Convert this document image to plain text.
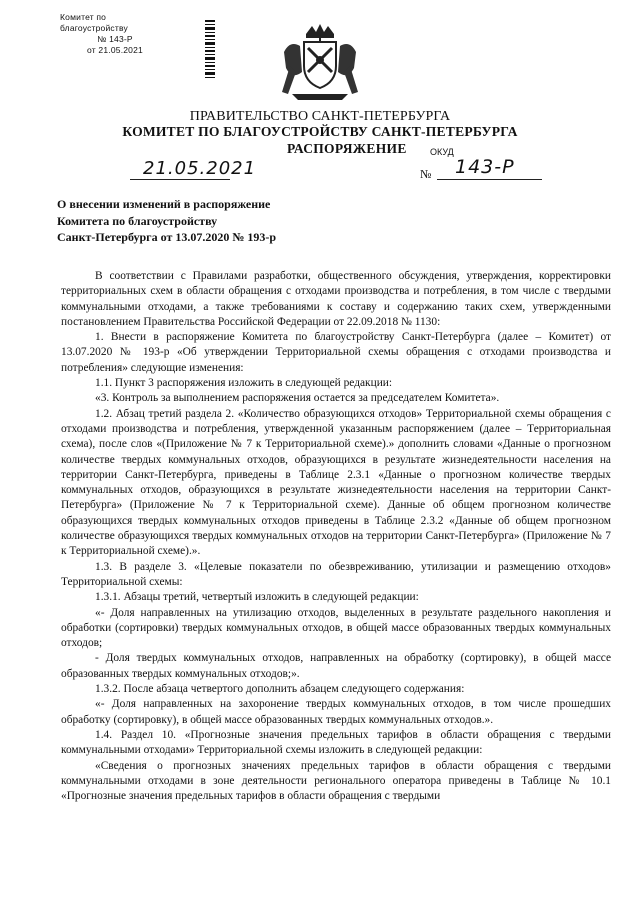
Комитет по благоустройству
№ 143-Р
от 21.05.2021
ПРАВИТЕЛЬСТВО САНКТ-ПЕТЕРБУРГА
КОМИТЕТ ПО БЛАГОУСТРОЙСТВУ САНКТ-ПЕТЕРБУРГА
РАСПОРЯЖЕНИЕ	ОКУД
21.05.2021	№ 143-Р
О внесении изменений в распоряжение
Комитета по благоустройству
Санкт-Петербурга от 13.07.2020 № 193-р

В соответствии с Правилами разработки, общественного обсуждения, утверждения, корректировки территориальных схем в области обращения с отходами производства и потребления, в том числе с твердыми коммунальными отходами, а также требованиями к составу и содержанию таких схем, утвержденными постановлением Правительства Российской Федерации от 22.09.2018 № 1130:

1. Внести в распоряжение Комитета по благоустройству Санкт-Петербурга (далее – Комитет) от 13.07.2020 № 193-р «Об утверждении Территориальной схемы обращения с отходами производства и потребления» следующие изменения:

1.1. Пункт 3 распоряжения изложить в следующей редакции:

«3. Контроль за выполнением распоряжения остается за председателем Комитета».

1.2. Абзац третий раздела 2. «Количество образующихся отходов» Территориальной схемы обращения с отходами производства и потребления, утвержденной указанным распоряжением (далее – Территориальная схема), после слов «(Приложение № 7 к Территориальной схеме).» дополнить словами «Данные о прогнозном количестве твердых коммунальных отходов, образующихся в результате жизнедеятельности населения на территории Санкт-Петербурга, приведены в Таблице 2.3.1 «Данные о прогнозном количестве твердых коммунальных отходов, образующихся в результате жизнедеятельности населения на территории Санкт-Петербурга» (Приложение № 7 к Территориальной схеме). Данные об общем прогнозном количестве образующихся твердых коммунальных отходов приведены в Таблице 2.3.2 «Данные об общем прогнозном количестве образующихся твердых коммунальных отходов на территории Санкт-Петербурга» (Приложение № 7 к Территориальной схеме).».

1.3. В разделе 3. «Целевые показатели по обезвреживанию, утилизации и размещению отходов» Территориальной схемы:

1.3.1. Абзацы третий, четвертый изложить в следующей редакции:

«- Доля направленных на утилизацию отходов, выделенных в результате раздельного накопления и обработки (сортировки) твердых коммунальных отходов, в общей массе образованных твердых коммунальных отходов;

- Доля твердых коммунальных отходов, направленных на обработку (сортировку), в общей массе образованных твердых коммунальных отходов;».

1.3.2. После абзаца четвертого дополнить абзацем следующего содержания:

«- Доля направленных на захоронение твердых коммунальных отходов, в том числе прошедших обработку (сортировку), в общей массе образованных твердых коммунальных отходов.».

1.4. Раздел 10. «Прогнозные значения предельных тарифов в области обращения с твердыми коммунальными отходами» Территориальной схемы изложить в следующей редакции:

«Сведения о прогнозных значениях предельных тарифов в области обращения с твердыми коммунальными отходами в зоне деятельности регионального оператора приведены в Таблице № 10.1 «Прогнозные значения предельных тарифов в области обращения с твердыми
